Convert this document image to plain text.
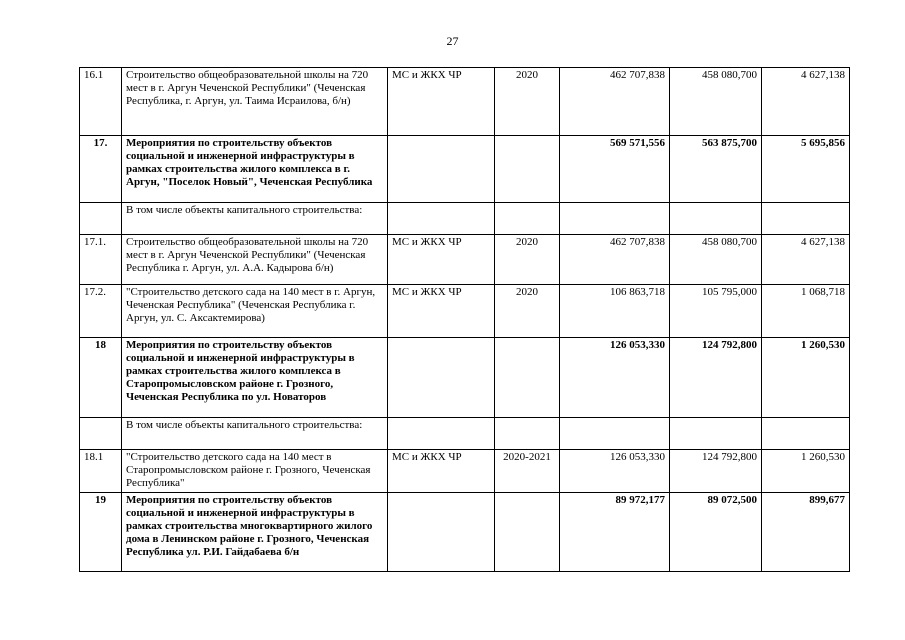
27
16.1	Строительство общеобразовательной школы на 720 мест в г. Аргун Чеченской Республики" (Чеченская Республика, г. Аргун, ул. Таима Исраилова, б/н)	МС и ЖКХ ЧР	2020	462 707,838	458 080,700	4 627,138
17.	Мероприятия по строительству объектов социальной и инженерной инфраструктуры в рамках строительства жилого комплекса в г. Аргун, "Поселок Новый", Чеченская Республика			569 571,556	563 875,700	5 695,856
	В том числе объекты капитального строительства:					
17.1.	Строительство общеобразовательной школы на 720 мест в г. Аргун Чеченской Республики" (Чеченская Республика г. Аргун, ул. А.А. Кадырова б/н)	МС и ЖКХ ЧР	2020	462 707,838	458 080,700	4 627,138
17.2.	"Строительство детского сада на 140 мест в г. Аргун, Чеченская Республика" (Чеченская Республика г. Аргун, ул. С. Аксактемирова)	МС и ЖКХ ЧР	2020	106 863,718	105 795,000	1 068,718
18	Мероприятия по строительству объектов социальной и инженерной инфраструктуры в рамках строительства жилого комплекса в Старопромысловском районе г. Грозного, Чеченская Республика по ул. Новаторов			126 053,330	124 792,800	1 260,530
	В том числе объекты капитального строительства:					
18.1	"Строительство детского сада на 140 мест в Старопромысловском районе г. Грозного, Чеченская Республика"	МС и ЖКХ ЧР	2020-2021	126 053,330	124 792,800	1 260,530
19	Мероприятия по строительству объектов социальной и инженерной инфраструктуры в рамках строительства многоквартирного жилого дома в Ленинском районе г. Грозного, Чеченская Республика ул. Р.И. Гайдабаева б/н			89 972,177	89 072,500	899,677
